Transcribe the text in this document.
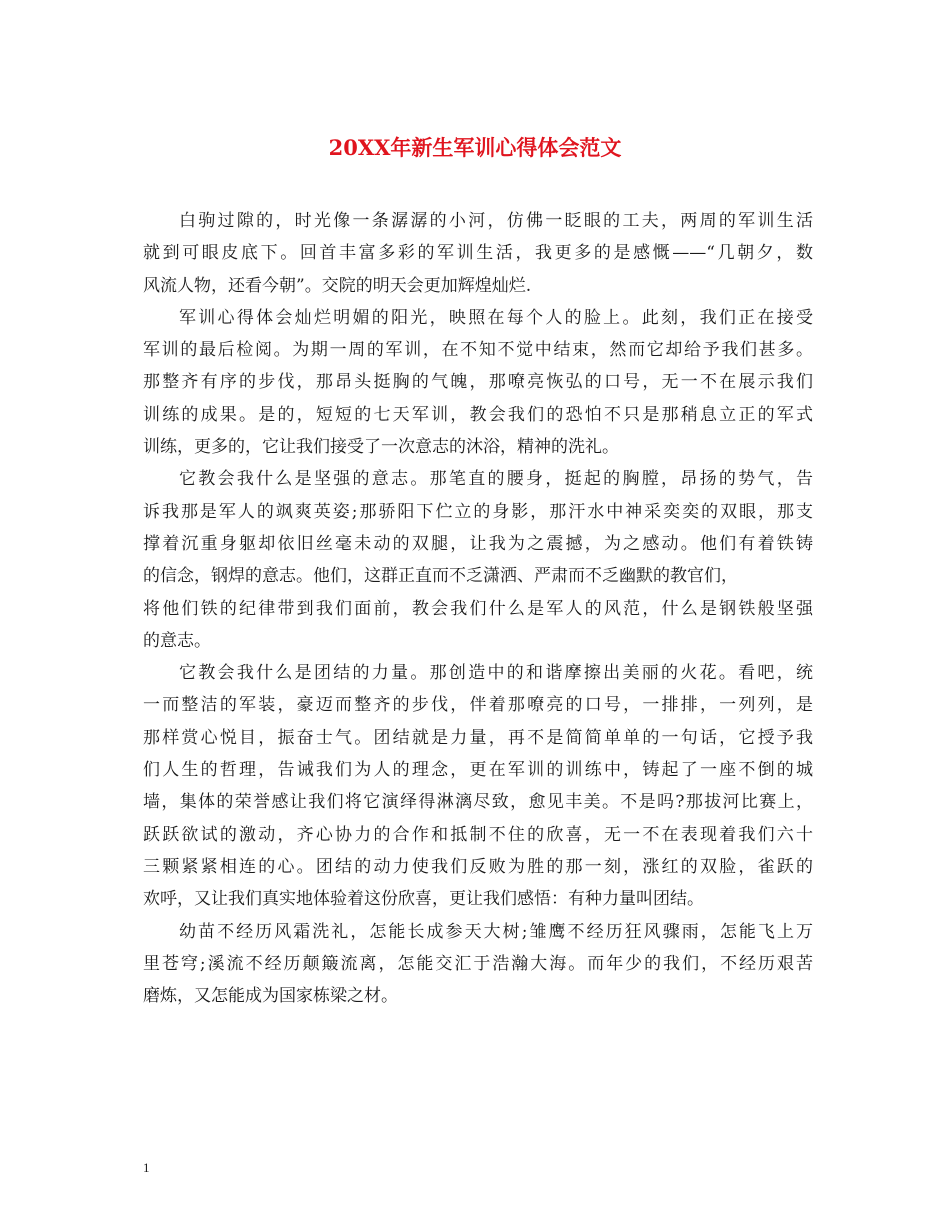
20XX年新生军训心得体会范文
白驹过隙的，时光像一条潺潺的小河，仿佛一眨眼的工夫，两周的军训生活
就到可眼皮底下。回首丰富多彩的军训生活，我更多的是感慨——“几朝夕，数
风流人物，还看今朝”。交院的明天会更加辉煌灿烂.
军训心得体会灿烂明媚的阳光，映照在每个人的脸上。此刻，我们正在接受
军训的最后检阅。为期一周的军训，在不知不觉中结束，然而它却给予我们甚多。
那整齐有序的步伐，那昂头挺胸的气魄，那嘹亮恢弘的口号，无一不在展示我们
训练的成果。是的，短短的七天军训，教会我们的恐怕不只是那稍息立正的军式
训练，更多的，它让我们接受了一次意志的沐浴，精神的洗礼。
它教会我什么是坚强的意志。那笔直的腰身，挺起的胸膛，昂扬的势气，告
诉我那是军人的飒爽英姿;那骄阳下伫立的身影，那汗水中神采奕奕的双眼，那支
撑着沉重身躯却依旧丝毫未动的双腿，让我为之震撼，为之感动。他们有着铁铸
的信念，钢焊的意志。他们，这群正直而不乏潇洒、严肃而不乏幽默的教官们，
将他们铁的纪律带到我们面前，教会我们什么是军人的风范，什么是钢铁般坚强
的意志。
它教会我什么是团结的力量。那创造中的和谐摩擦出美丽的火花。看吧，统
一而整洁的军装，豪迈而整齐的步伐，伴着那嘹亮的口号，一排排，一列列，是
那样赏心悦目，振奋士气。团结就是力量，再不是简简单单的一句话，它授予我
们人生的哲理，告诫我们为人的理念，更在军训的训练中，铸起了一座不倒的城
墙，集体的荣誉感让我们将它演绎得淋漓尽致，愈见丰美。不是吗?那拔河比赛上，
跃跃欲试的激动，齐心协力的合作和抵制不住的欣喜，无一不在表现着我们六十
三颗紧紧相连的心。团结的动力使我们反败为胜的那一刻，涨红的双脸，雀跃的
欢呼，又让我们真实地体验着这份欣喜，更让我们感悟：有种力量叫团结。
幼苗不经历风霜洗礼，怎能长成参天大树;雏鹰不经历狂风骤雨，怎能飞上万
里苍穹;溪流不经历颠簸流离，怎能交汇于浩瀚大海。而年少的我们，不经历艰苦
磨炼，又怎能成为国家栋梁之材。
1
